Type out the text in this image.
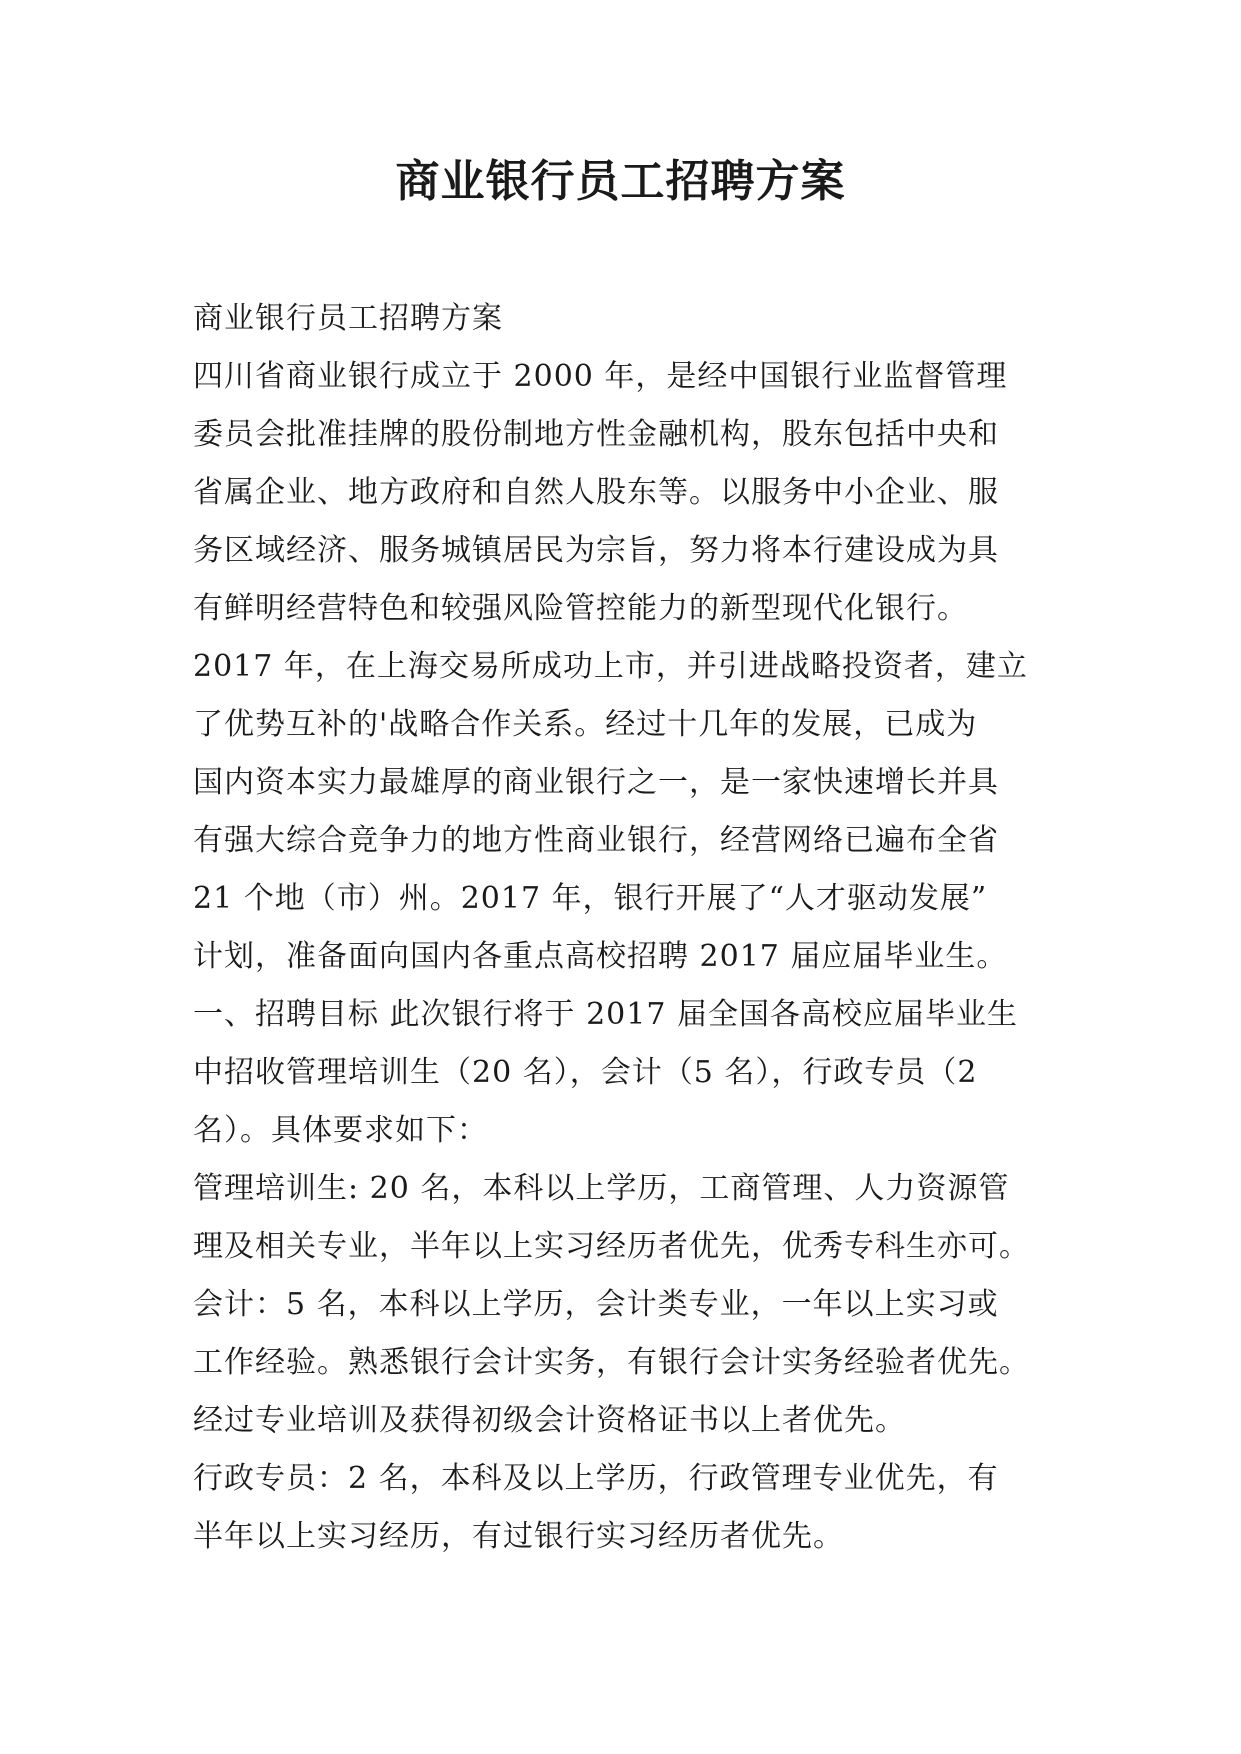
商业银行员工招聘方案
商业银行员工招聘方案
四川省商业银行成立于 2000 年，是经中国银行业监督管理
委员会批准挂牌的股份制地方性金融机构，股东包括中央和
省属企业、地方政府和自然人股东等。以服务中小企业、服
务区域经济、服务城镇居民为宗旨，努力将本行建设成为具
有鲜明经营特色和较强风险管控能力的新型现代化银行。
2017 年，在上海交易所成功上市，并引进战略投资者，建立
了优势互补的'战略合作关系。经过十几年的发展，已成为
国内资本实力最雄厚的商业银行之一，是一家快速增长并具
有强大综合竞争力的地方性商业银行，经营网络已遍布全省
21 个地（市）州。2017 年，银行开展了“人才驱动发展”
计划，准备面向国内各重点高校招聘 2017 届应届毕业生。
一、招聘目标 此次银行将于 2017 届全国各高校应届毕业生
中招收管理培训生（20 名），会计（5 名），行政专员（2
名）。具体要求如下：
管理培训生: 20 名，本科以上学历，工商管理、人力资源管
理及相关专业，半年以上实习经历者优先，优秀专科生亦可。
会计：5 名，本科以上学历，会计类专业，一年以上实习或
工作经验。熟悉银行会计实务，有银行会计实务经验者优先。
经过专业培训及获得初级会计资格证书以上者优先。
行政专员：2 名，本科及以上学历，行政管理专业优先，有
半年以上实习经历，有过银行实习经历者优先。
